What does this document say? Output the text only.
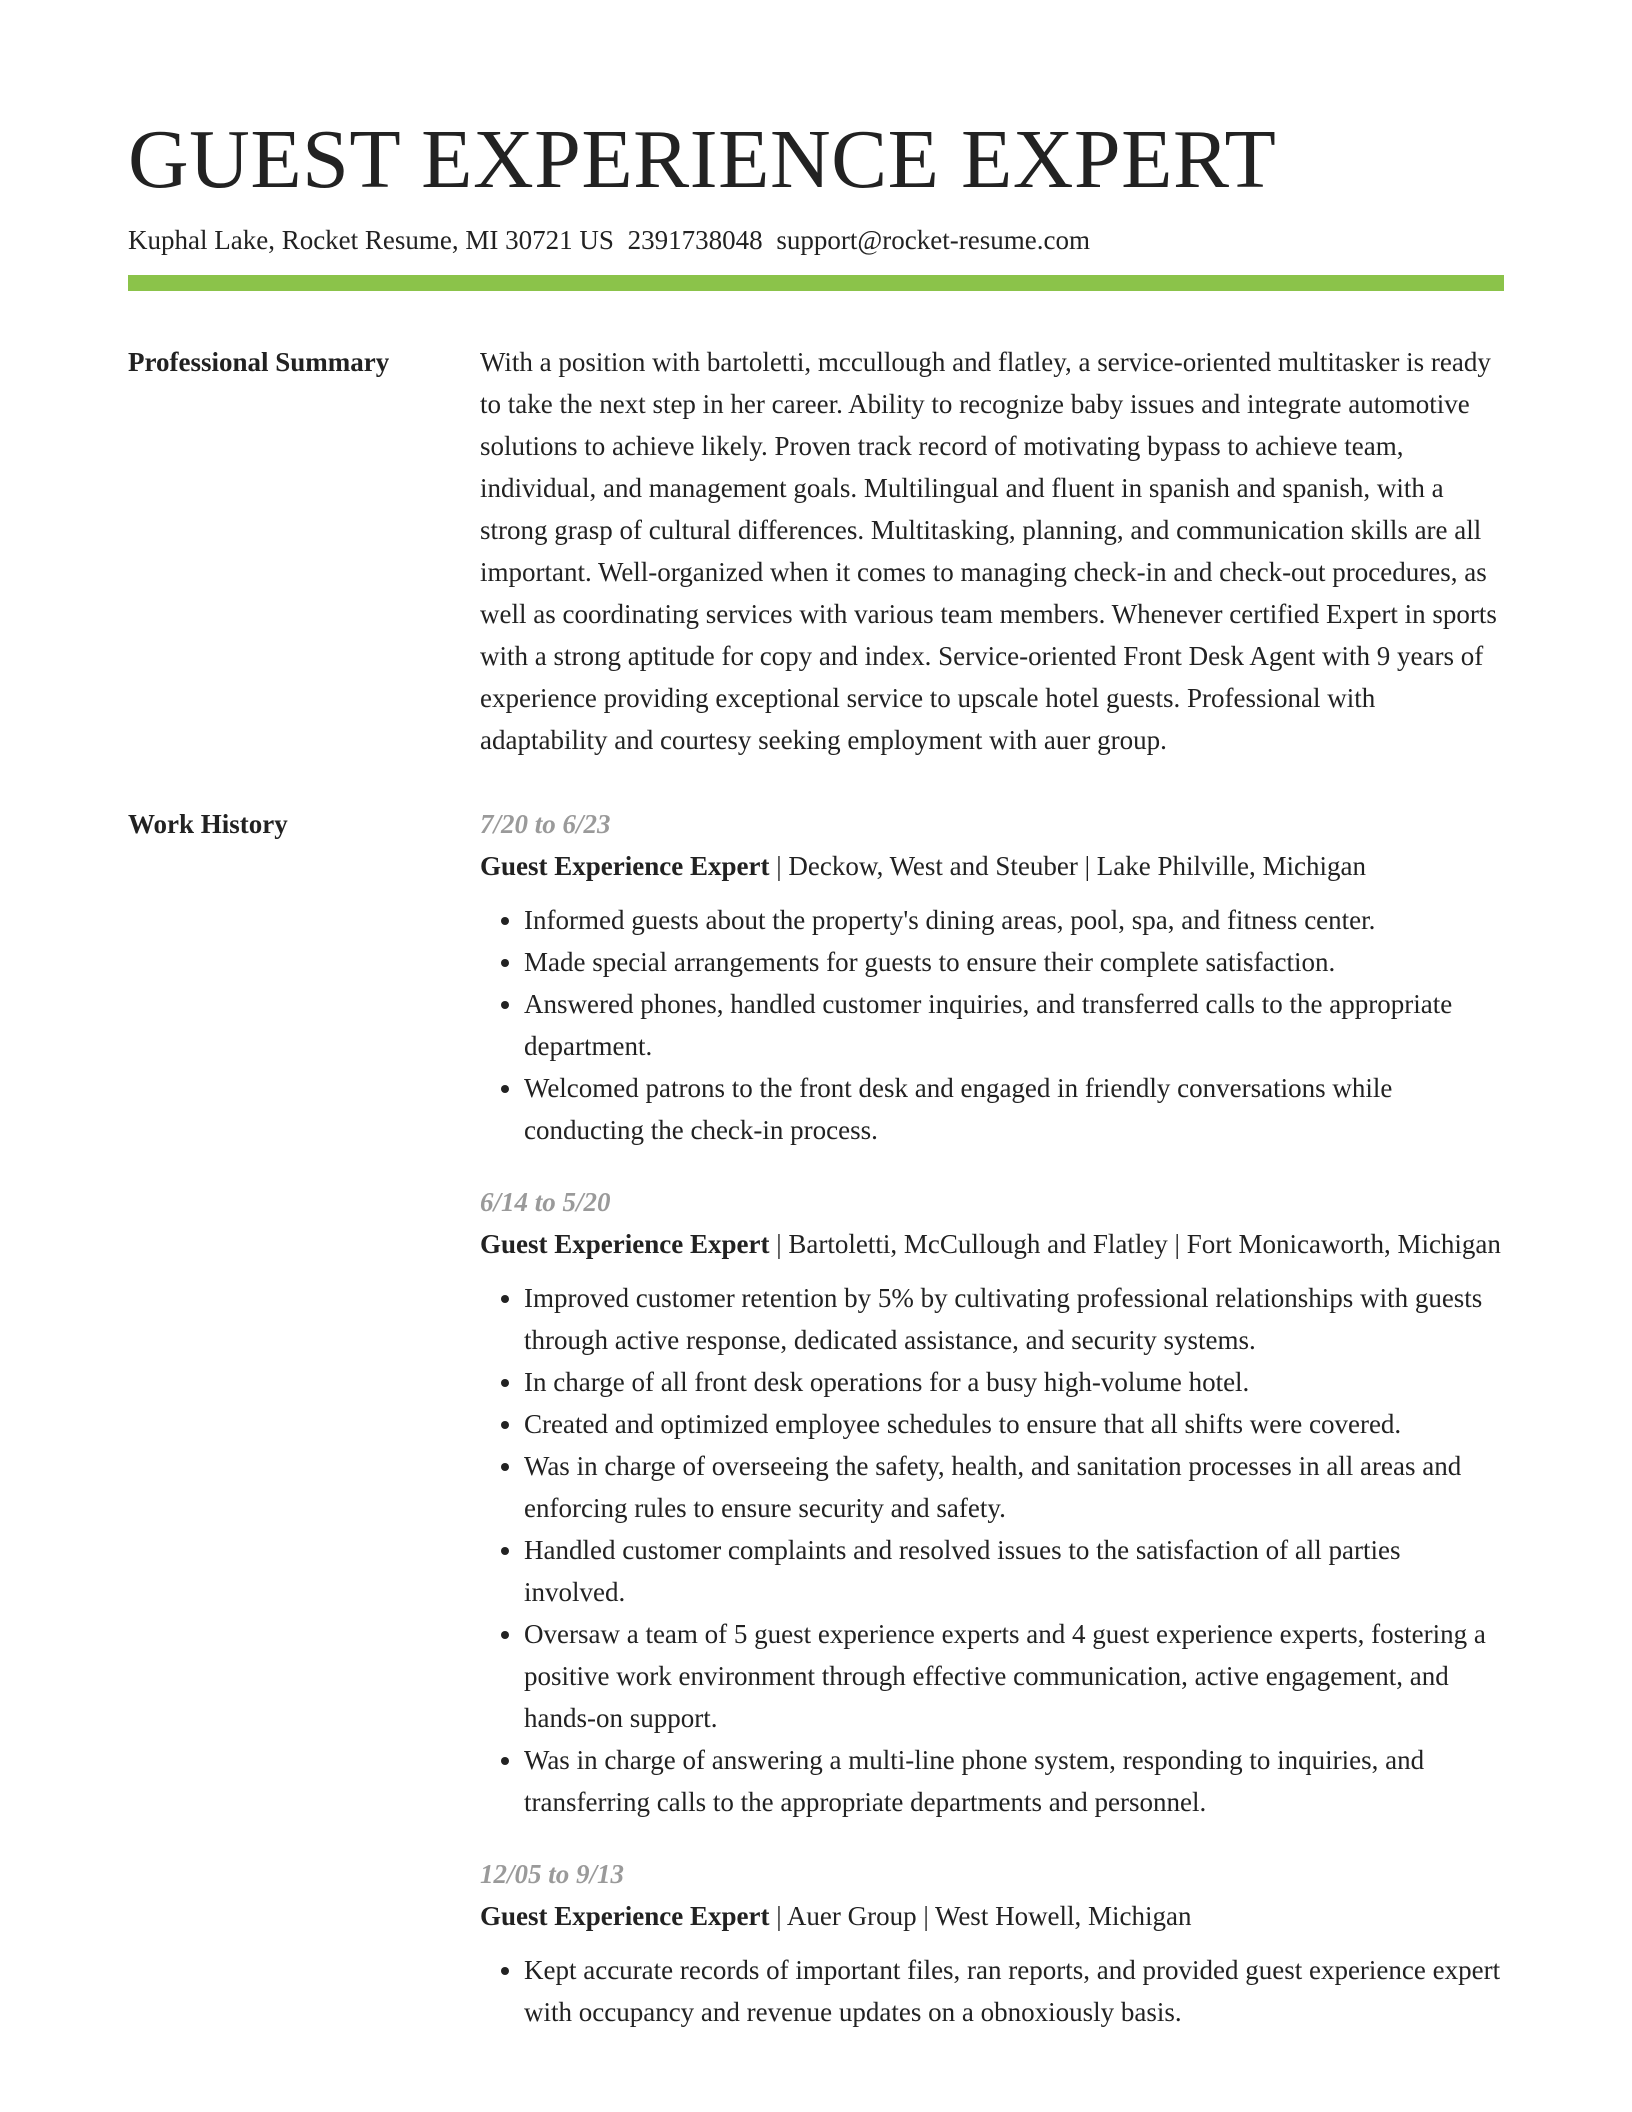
GUEST EXPERIENCE EXPERT
Kuphal Lake, Rocket Resume, MI 30721 US 2391738048 support@rocket-resume.com
Professional Summary	With a position with bartoletti, mccullough and flatley, a service-oriented multitasker is ready to take the next step in her career. Ability to recognize baby issues and integrate automotive solutions to achieve likely. Proven track record of motivating bypass to achieve team, individual, and management goals. Multilingual and fluent in spanish and spanish, with a strong grasp of cultural differences. Multitasking, planning, and communication skills are all important. Well-organized when it comes to managing check-in and check-out procedures, as well as coordinating services with various team members. Whenever certified Expert in sports with a strong aptitude for copy and index. Service-oriented Front Desk Agent with 9 years of experience providing exceptional service to upscale hotel guests. Professional with adaptability and courtesy seeking employment with auer group.

Work History	7/20 to 6/23
Guest Experience Expert | Deckow, West and Steuber | Lake Philville, Michigan
• Informed guests about the property's dining areas, pool, spa, and fitness center.
• Made special arrangements for guests to ensure their complete satisfaction.
• Answered phones, handled customer inquiries, and transferred calls to the appropriate department.
• Welcomed patrons to the front desk and engaged in friendly conversations while conducting the check-in process.
6/14 to 5/20
Guest Experience Expert | Bartoletti, McCullough and Flatley | Fort Monicaworth, Michigan
• Improved customer retention by 5% by cultivating professional relationships with guests through active response, dedicated assistance, and security systems.
• In charge of all front desk operations for a busy high-volume hotel.
• Created and optimized employee schedules to ensure that all shifts were covered.
• Was in charge of overseeing the safety, health, and sanitation processes in all areas and enforcing rules to ensure security and safety.
• Handled customer complaints and resolved issues to the satisfaction of all parties involved.
• Oversaw a team of 5 guest experience experts and 4 guest experience experts, fostering a positive work environment through effective communication, active engagement, and hands-on support.
• Was in charge of answering a multi-line phone system, responding to inquiries, and transferring calls to the appropriate departments and personnel.
12/05 to 9/13
Guest Experience Expert | Auer Group | West Howell, Michigan
• Kept accurate records of important files, ran reports, and provided guest experience expert with occupancy and revenue updates on a obnoxiously basis.
